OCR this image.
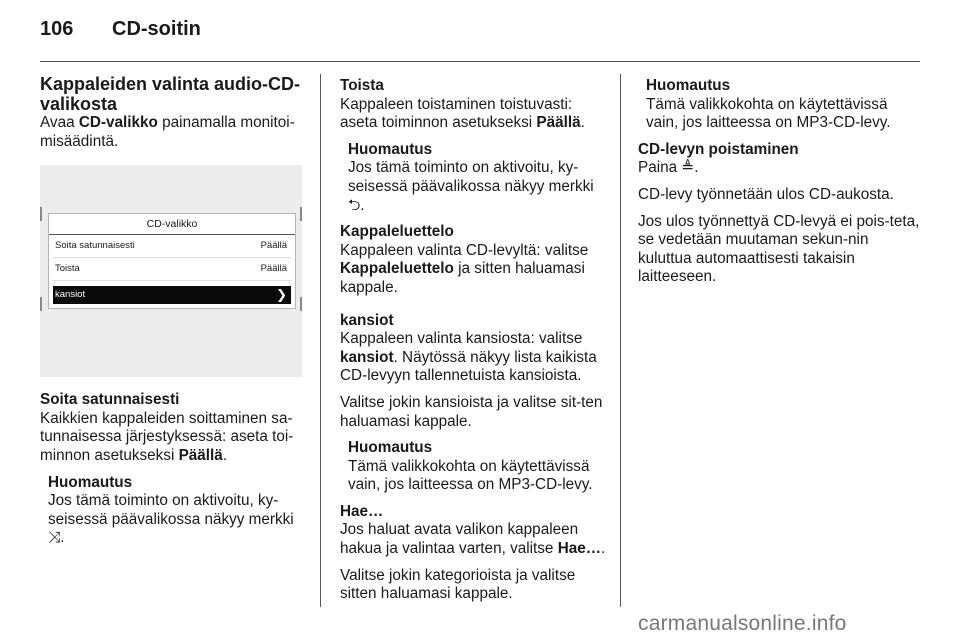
106 CD-soitin
Kappaleiden valinta audio-CD-valikosta

Avaa CD-valikko painamalla monitoi-misäädintä.

CD-valikko
Soita satunnaisesti	Päällä
Toista	Päällä
kansiot	❯

Soita satunnaisesti

Kaikkien kappaleiden soittaminen sa-tunnaisessa järjestyksessä: aseta toi-minnon asetukseksi Päällä.

Huomautus

Jos tämä toiminto on aktivoitu, ky-seisessä päävalikossa näkyy merkki ⤨.

Toista

Kappaleen toistaminen toistuvasti: aseta toiminnon asetukseksi Päällä.

Huomautus

Jos tämä toiminto on aktivoitu, ky-seisessä päävalikossa näkyy merkki ⮌.

Kappaleluettelo

Kappaleen valinta CD-levyltä: valitse Kappaleluettelo ja sitten haluamasi kappale.

kansiot

Kappaleen valinta kansiosta: valitse kansiot. Näytössä näkyy lista kaikista CD-levyyn tallennetuista kansioista.

Valitse jokin kansioista ja valitse sit-ten haluamasi kappale.

Huomautus

Tämä valikkokohta on käytettävissä vain, jos laitteessa on MP3-CD-levy.

Hae…

Jos haluat avata valikon kappaleen hakua ja valintaa varten, valitse Hae….

Valitse jokin kategorioista ja valitse sitten haluamasi kappale.

Huomautus

Tämä valikkokohta on käytettävissä vain, jos laitteessa on MP3-CD-levy.

CD-levyn poistaminen

Paina ≜.

CD-levy työnnetään ulos CD-aukosta.

Jos ulos työnnettyä CD-levyä ei pois-teta, se vedetään muutaman sekun-nin kuluttua automaattisesti takaisin laitteeseen.

carmanualsonline.info
